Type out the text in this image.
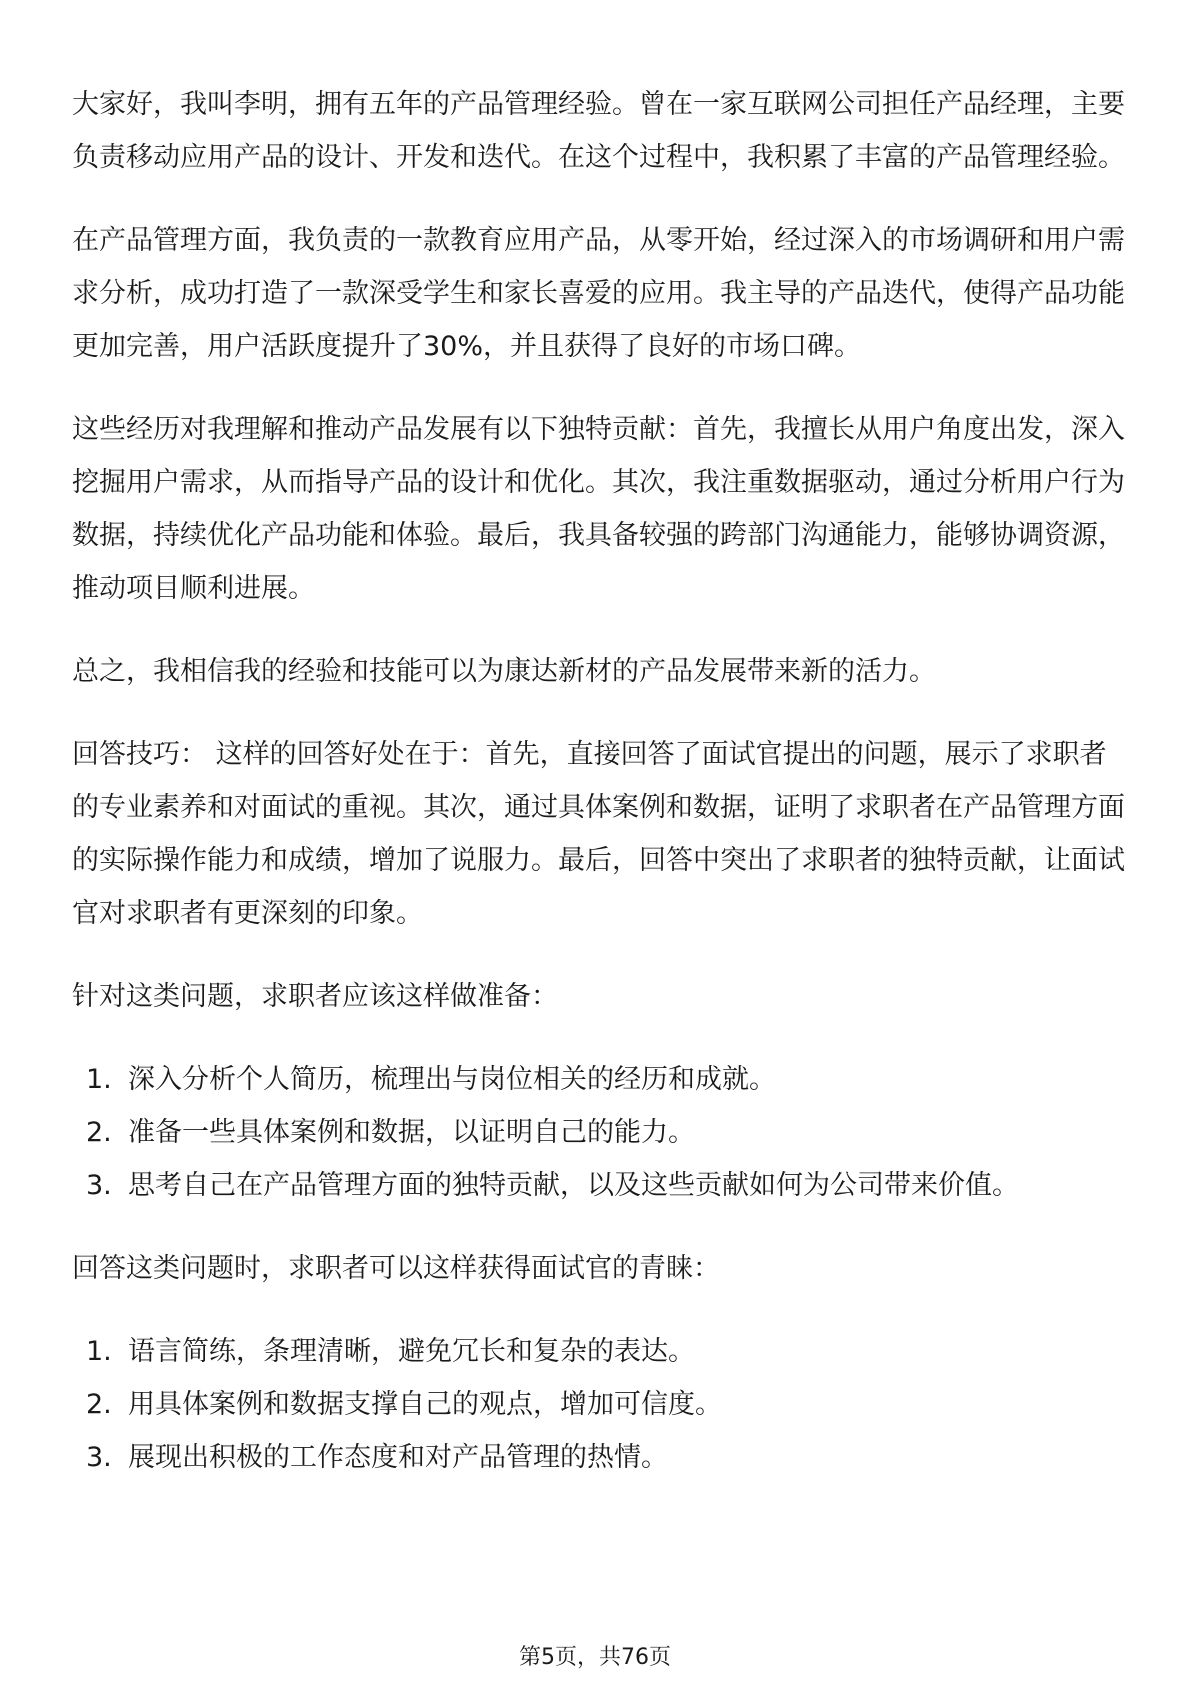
大家好，我叫李明，拥有五年的产品管理经验。曾在一家互联网公司担任产品经理，主要负责移动应用产品的设计、开发和迭代。在这个过程中，我积累了丰富的产品管理经验。

在产品管理方面，我负责的一款教育应用产品，从零开始，经过深入的市场调研和用户需求分析，成功打造了一款深受学生和家长喜爱的应用。我主导的产品迭代，使得产品功能更加完善，用户活跃度提升了30%，并且获得了良好的市场口碑。

这些经历对我理解和推动产品发展有以下独特贡献：首先，我擅长从用户角度出发，深入挖掘用户需求，从而指导产品的设计和优化。其次，我注重数据驱动，通过分析用户行为数据，持续优化产品功能和体验。最后，我具备较强的跨部门沟通能力，能够协调资源，推动项目顺利进展。

总之，我相信我的经验和技能可以为康达新材的产品发展带来新的活力。

回答技巧： 这样的回答好处在于：首先，直接回答了面试官提出的问题，展示了求职者的专业素养和对面试的重视。其次，通过具体案例和数据，证明了求职者在产品管理方面的实际操作能力和成绩，增加了说服力。最后，回答中突出了求职者的独特贡献，让面试官对求职者有更深刻的印象。

针对这类问题，求职者应该这样做准备：

1. 深入分析个人简历，梳理出与岗位相关的经历和成就。
2. 准备一些具体案例和数据，以证明自己的能力。
3. 思考自己在产品管理方面的独特贡献，以及这些贡献如何为公司带来价值。

回答这类问题时，求职者可以这样获得面试官的青睐：

1. 语言简练，条理清晰，避免冗长和复杂的表达。
2. 用具体案例和数据支撑自己的观点，增加可信度。
3. 展现出积极的工作态度和对产品管理的热情。
第5页，共76页
